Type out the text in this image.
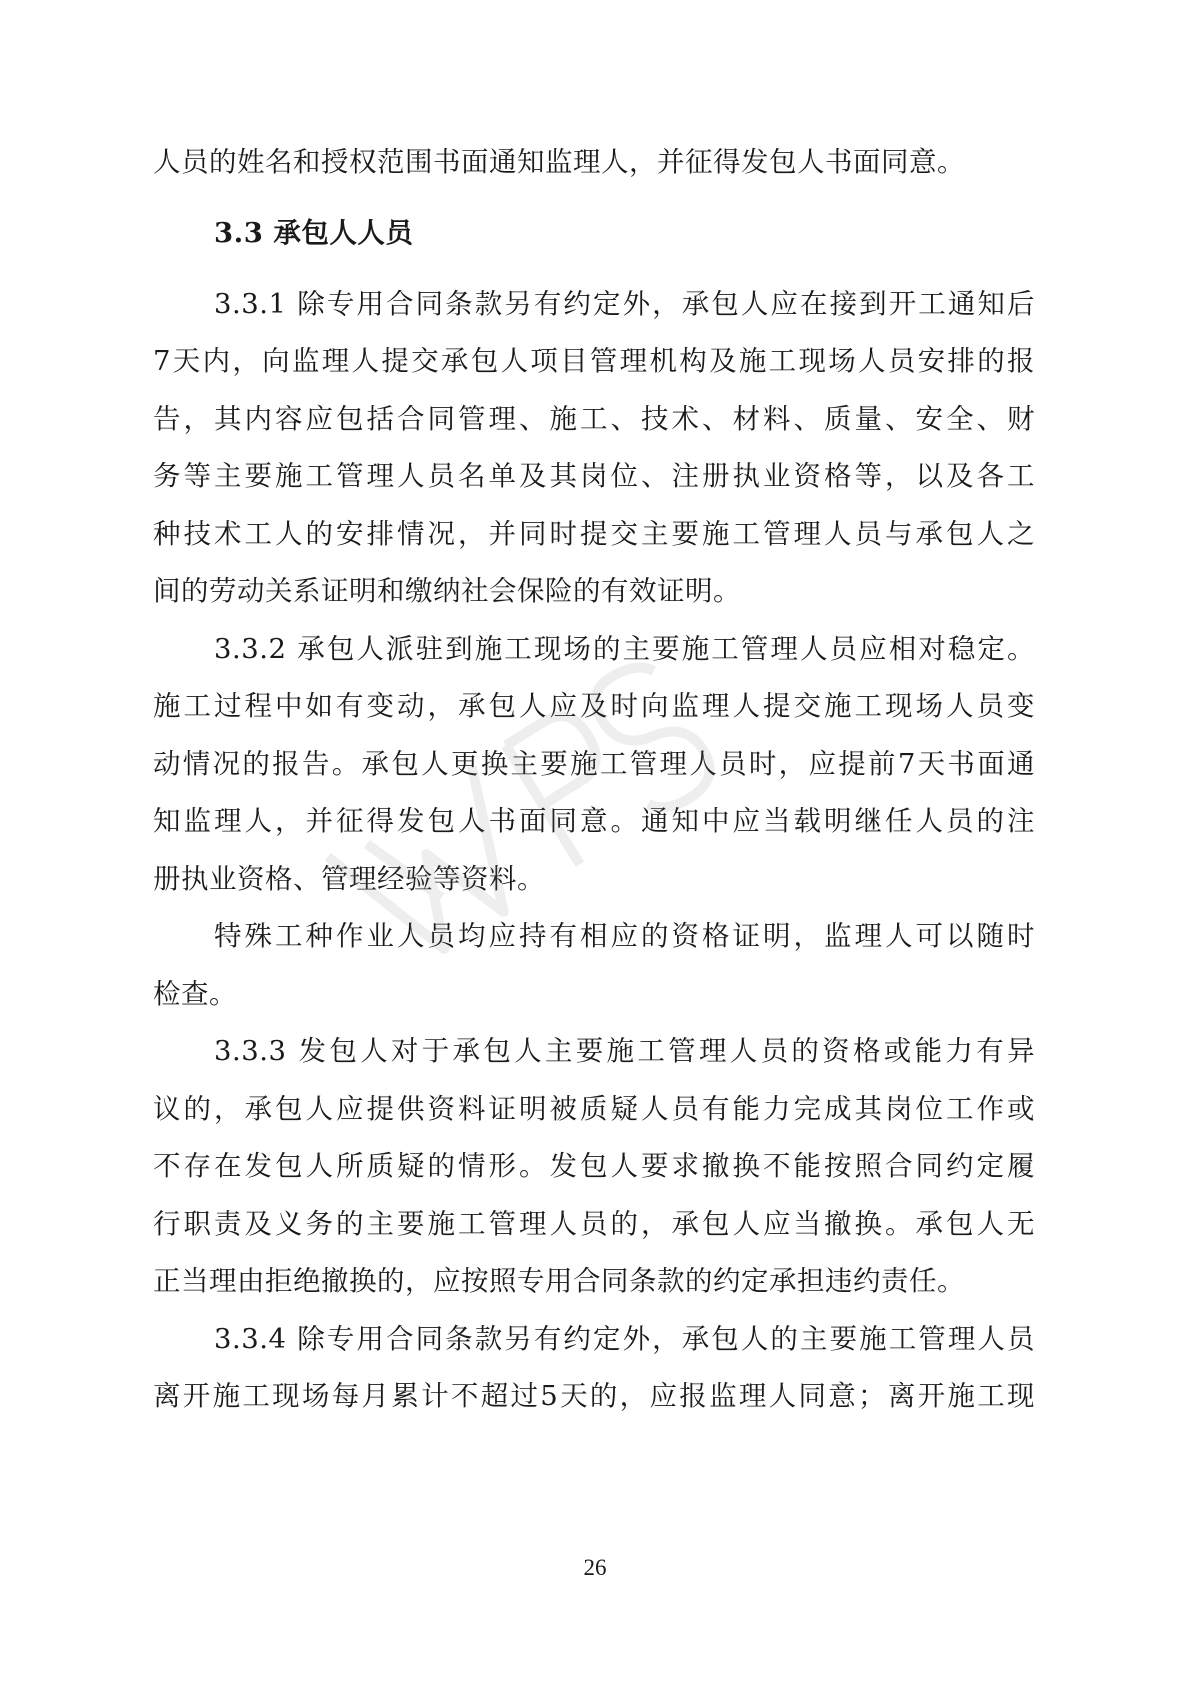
人员的姓名和授权范围书面通知监理人，并征得发包人书面同意。
3.3 承包人人员
3.3.1 除专用合同条款另有约定外，承包人应在接到开工通知后
7天内，向监理人提交承包人项目管理机构及施工现场人员安排的报
告，其内容应包括合同管理、施工、技术、材料、质量、安全、财
务等主要施工管理人员名单及其岗位、注册执业资格等，以及各工
种技术工人的安排情况，并同时提交主要施工管理人员与承包人之
间的劳动关系证明和缴纳社会保险的有效证明。
3.3.2 承包人派驻到施工现场的主要施工管理人员应相对稳定。
施工过程中如有变动，承包人应及时向监理人提交施工现场人员变
动情况的报告。承包人更换主要施工管理人员时，应提前7天书面通
知监理人，并征得发包人书面同意。通知中应当载明继任人员的注
册执业资格、管理经验等资料。
特殊工种作业人员均应持有相应的资格证明，监理人可以随时
检查。
3.3.3 发包人对于承包人主要施工管理人员的资格或能力有异
议的，承包人应提供资料证明被质疑人员有能力完成其岗位工作或
不存在发包人所质疑的情形。发包人要求撤换不能按照合同约定履
行职责及义务的主要施工管理人员的，承包人应当撤换。承包人无
正当理由拒绝撤换的，应按照专用合同条款的约定承担违约责任。
3.3.4 除专用合同条款另有约定外，承包人的主要施工管理人员
离开施工现场每月累计不超过5天的，应报监理人同意；离开施工现
26
